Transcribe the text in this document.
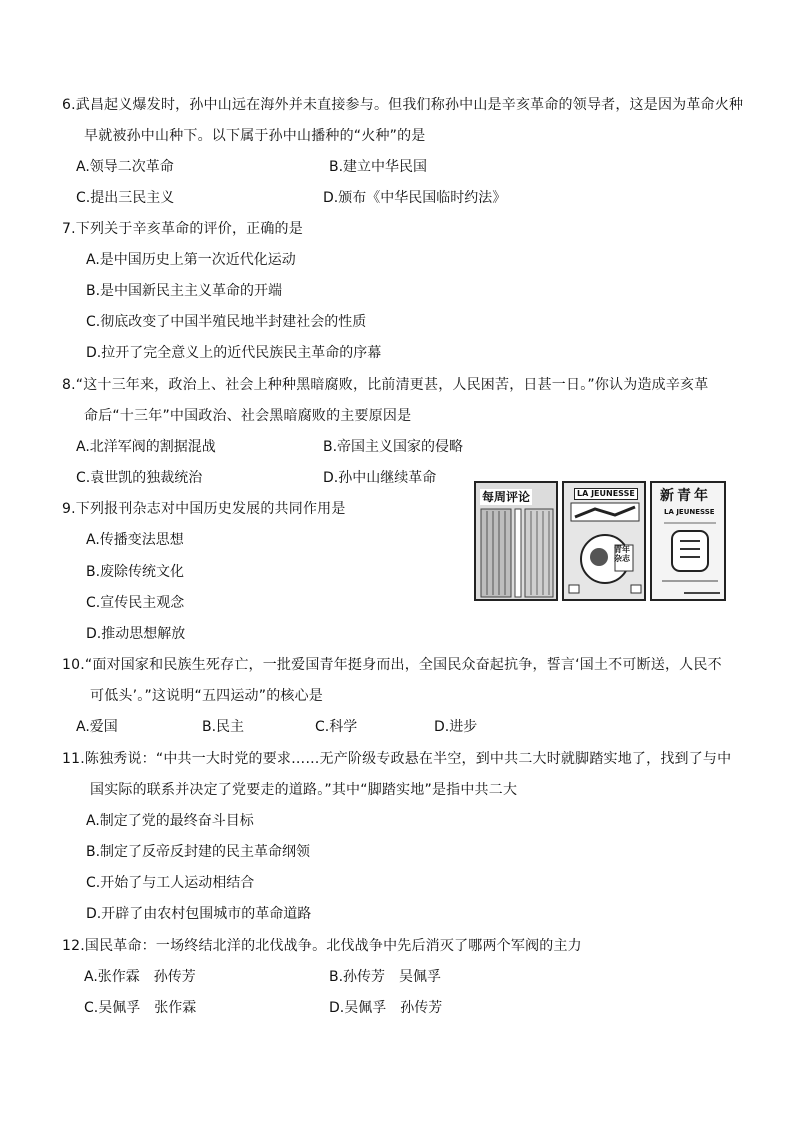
6.武昌起义爆发时，孙中山远在海外并未直接参与。但我们称孙中山是辛亥革命的领导者，这是因为革命火种
早就被孙中山种下。以下属于孙中山播种的“火种”的是
A.领导二次革命	B.建立中华民国
C.提出三民主义	D.颁布《中华民国临时约法》
7.下列关于辛亥革命的评价，正确的是
A.是中国历史上第一次近代化运动
B.是中国新民主主义革命的开端
C.彻底改变了中国半殖民地半封建社会的性质
D.拉开了完全意义上的近代民族民主革命的序幕
8.“这十三年来，政治上、社会上种种黑暗腐败，比前清更甚，人民困苦，日甚一日。”你认为造成辛亥革
命后“十三年”中国政治、社会黑暗腐败的主要原因是
A.北洋军阀的割据混战	B.帝国主义国家的侵略
C.袁世凯的独裁统治	D.孙中山继续革命
9.下列报刊杂志对中国历史发展的共同作用是
A.传播变法思想
B.废除传统文化
C.宣传民主观念
D.推动思想解放
每周评论	LA JEUNESSE
青年杂志
新青年
LA JEUNESSE
10.“面对国家和民族生死存亡，一批爱国青年挺身而出，全国民众奋起抗争，誓言‘国土不可断送，人民不
可低头’。”这说明“五四运动”的核心是
A.爱国	B.民主	C.科学	D.进步
11.陈独秀说：“中共一大时党的要求……无产阶级专政悬在半空，到中共二大时就脚踏实地了，找到了与中
国实际的联系并决定了党要走的道路。”其中“脚踏实地”是指中共二大
A.制定了党的最终奋斗目标
B.制定了反帝反封建的民主革命纲领
C.开始了与工人运动相结合
D.开辟了由农村包围城市的革命道路
12.国民革命：一场终结北洋的北伐战争。北伐战争中先后消灭了哪两个军阀的主力
A.张作霖　孙传芳	B.孙传芳　吴佩孚
C.吴佩孚　张作霖	D.吴佩孚　孙传芳
